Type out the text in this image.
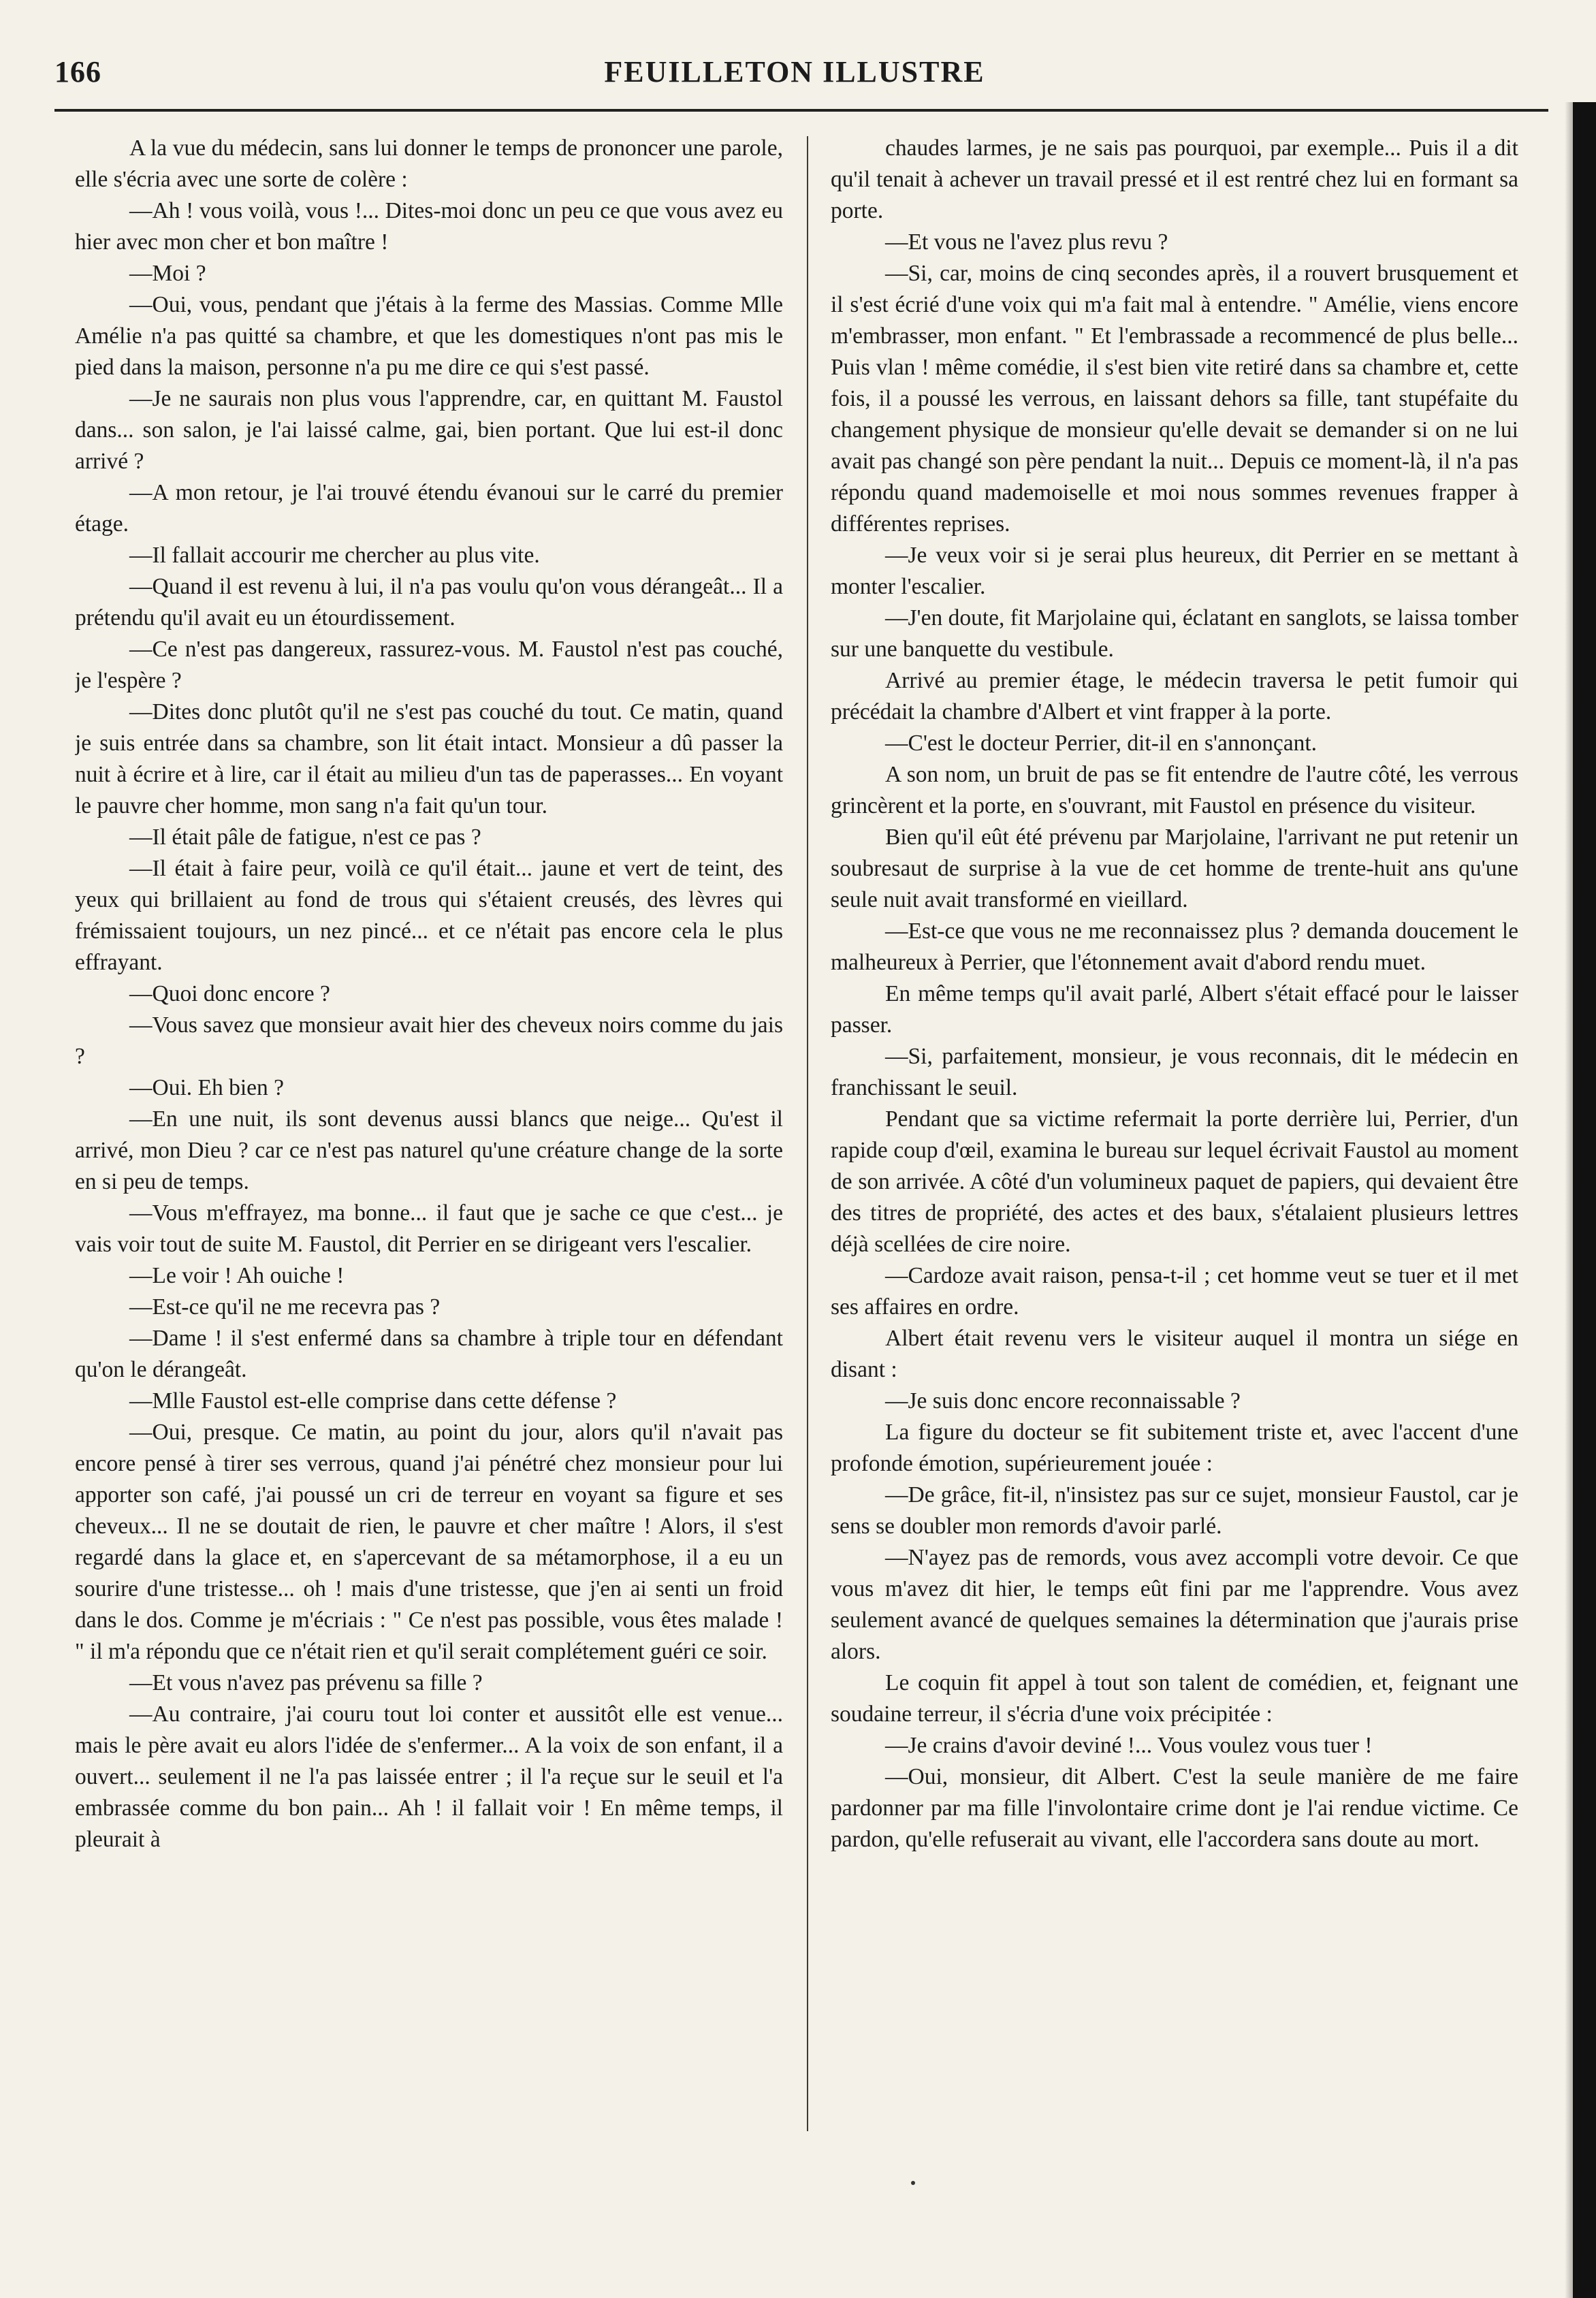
166	FEUILLETON ILLUSTRE

A la vue du médecin, sans lui donner le temps de prononcer une parole, elle s'écria avec une sorte de colère :

—Ah ! vous voilà, vous !... Dites-moi donc un peu ce que vous avez eu hier avec mon cher et bon maître !

—Moi ?

—Oui, vous, pendant que j'étais à la ferme des Massias. Comme Mlle Amélie n'a pas quitté sa chambre, et que les domestiques n'ont pas mis le pied dans la maison, personne n'a pu me dire ce qui s'est passé.

—Je ne saurais non plus vous l'apprendre, car, en quittant M. Faustol dans... son salon, je l'ai laissé calme, gai, bien portant. Que lui est-il donc arrivé ?

—A mon retour, je l'ai trouvé étendu évanoui sur le carré du premier étage.

—Il fallait accourir me chercher au plus vite.

—Quand il est revenu à lui, il n'a pas voulu qu'on vous dérangeât... Il a prétendu qu'il avait eu un étourdissement.

—Ce n'est pas dangereux, rassurez-vous. M. Faustol n'est pas couché, je l'espère ?

—Dites donc plutôt qu'il ne s'est pas couché du tout. Ce matin, quand je suis entrée dans sa chambre, son lit était intact. Monsieur a dû passer la nuit à écrire et à lire, car il était au milieu d'un tas de paperasses... En voyant le pauvre cher homme, mon sang n'a fait qu'un tour.

—Il était pâle de fatigue, n'est ce pas ?

—Il était à faire peur, voilà ce qu'il était... jaune et vert de teint, des yeux qui brillaient au fond de trous qui s'étaient creusés, des lèvres qui frémissaient toujours, un nez pincé... et ce n'était pas encore cela le plus effrayant.

—Quoi donc encore ?

—Vous savez que monsieur avait hier des cheveux noirs comme du jais ?

—Oui. Eh bien ?

—En une nuit, ils sont devenus aussi blancs que neige... Qu'est il arrivé, mon Dieu ? car ce n'est pas naturel qu'une créature change de la sorte en si peu de temps.

—Vous m'effrayez, ma bonne... il faut que je sache ce que c'est... je vais voir tout de suite M. Faustol, dit Perrier en se dirigeant vers l'escalier.

—Le voir ! Ah ouiche !

—Est-ce qu'il ne me recevra pas ?

—Dame ! il s'est enfermé dans sa chambre à triple tour en défendant qu'on le dérangeât.

—Mlle Faustol est-elle comprise dans cette défense ?

—Oui, presque. Ce matin, au point du jour, alors qu'il n'avait pas encore pensé à tirer ses verrous, quand j'ai pénétré chez monsieur pour lui apporter son café, j'ai poussé un cri de terreur en voyant sa figure et ses cheveux... Il ne se doutait de rien, le pauvre et cher maître ! Alors, il s'est regardé dans la glace et, en s'apercevant de sa métamorphose, il a eu un sourire d'une tristesse... oh ! mais d'une tristesse, que j'en ai senti un froid dans le dos. Comme je m'écriais : " Ce n'est pas possible, vous êtes malade ! " il m'a répondu que ce n'était rien et qu'il serait complétement guéri ce soir.

—Et vous n'avez pas prévenu sa fille ?

—Au contraire, j'ai couru tout loi conter et aussitôt elle est venue... mais le père avait eu alors l'idée de s'enfermer... A la voix de son enfant, il a ouvert... seulement il ne l'a pas laissée entrer ; il l'a reçue sur le seuil et l'a embrassée comme du bon pain... Ah ! il fallait voir ! En même temps, il pleurait à

chaudes larmes, je ne sais pas pourquoi, par exemple... Puis il a dit qu'il tenait à achever un travail pressé et il est rentré chez lui en formant sa porte.

—Et vous ne l'avez plus revu ?

—Si, car, moins de cinq secondes après, il a rouvert brusquement et il s'est écrié d'une voix qui m'a fait mal à entendre. " Amélie, viens encore m'embrasser, mon enfant. " Et l'embrassade a recommencé de plus belle... Puis vlan ! même comédie, il s'est bien vite retiré dans sa chambre et, cette fois, il a poussé les verrous, en laissant dehors sa fille, tant stupéfaite du changement physique de monsieur qu'elle devait se demander si on ne lui avait pas changé son père pendant la nuit... Depuis ce moment-là, il n'a pas répondu quand mademoiselle et moi nous sommes revenues frapper à différentes reprises.

—Je veux voir si je serai plus heureux, dit Perrier en se mettant à monter l'escalier.

—J'en doute, fit Marjolaine qui, éclatant en sanglots, se laissa tomber sur une banquette du vestibule.

Arrivé au premier étage, le médecin traversa le petit fumoir qui précédait la chambre d'Albert et vint frapper à la porte.

—C'est le docteur Perrier, dit-il en s'annonçant.

A son nom, un bruit de pas se fit entendre de l'autre côté, les verrous grincèrent et la porte, en s'ouvrant, mit Faustol en présence du visiteur.

Bien qu'il eût été prévenu par Marjolaine, l'arrivant ne put retenir un soubresaut de surprise à la vue de cet homme de trente-huit ans qu'une seule nuit avait transformé en vieillard.

—Est-ce que vous ne me reconnaissez plus ? demanda doucement le malheureux à Perrier, que l'étonnement avait d'abord rendu muet.

En même temps qu'il avait parlé, Albert s'était effacé pour le laisser passer.

—Si, parfaitement, monsieur, je vous reconnais, dit le médecin en franchissant le seuil.

Pendant que sa victime refermait la porte derrière lui, Perrier, d'un rapide coup d'œil, examina le bureau sur lequel écrivait Faustol au moment de son arrivée. A côté d'un volumineux paquet de papiers, qui devaient être des titres de propriété, des actes et des baux, s'étalaient plusieurs lettres déjà scellées de cire noire.

—Cardoze avait raison, pensa-t-il ; cet homme veut se tuer et il met ses affaires en ordre.

Albert était revenu vers le visiteur auquel il montra un siége en disant :

—Je suis donc encore reconnaissable ?

La figure du docteur se fit subitement triste et, avec l'accent d'une profonde émotion, supérieurement jouée :

—De grâce, fit-il, n'insistez pas sur ce sujet, monsieur Faustol, car je sens se doubler mon remords d'avoir parlé.

—N'ayez pas de remords, vous avez accompli votre devoir. Ce que vous m'avez dit hier, le temps eût fini par me l'apprendre. Vous avez seulement avancé de quelques semaines la détermination que j'aurais prise alors.

Le coquin fit appel à tout son talent de comédien, et, feignant une soudaine terreur, il s'écria d'une voix précipitée :

—Je crains d'avoir deviné !... Vous voulez vous tuer !

—Oui, monsieur, dit Albert. C'est la seule manière de me faire pardonner par ma fille l'involontaire crime dont je l'ai rendue victime. Ce pardon, qu'elle refuserait au vivant, elle l'accordera sans doute au mort.
